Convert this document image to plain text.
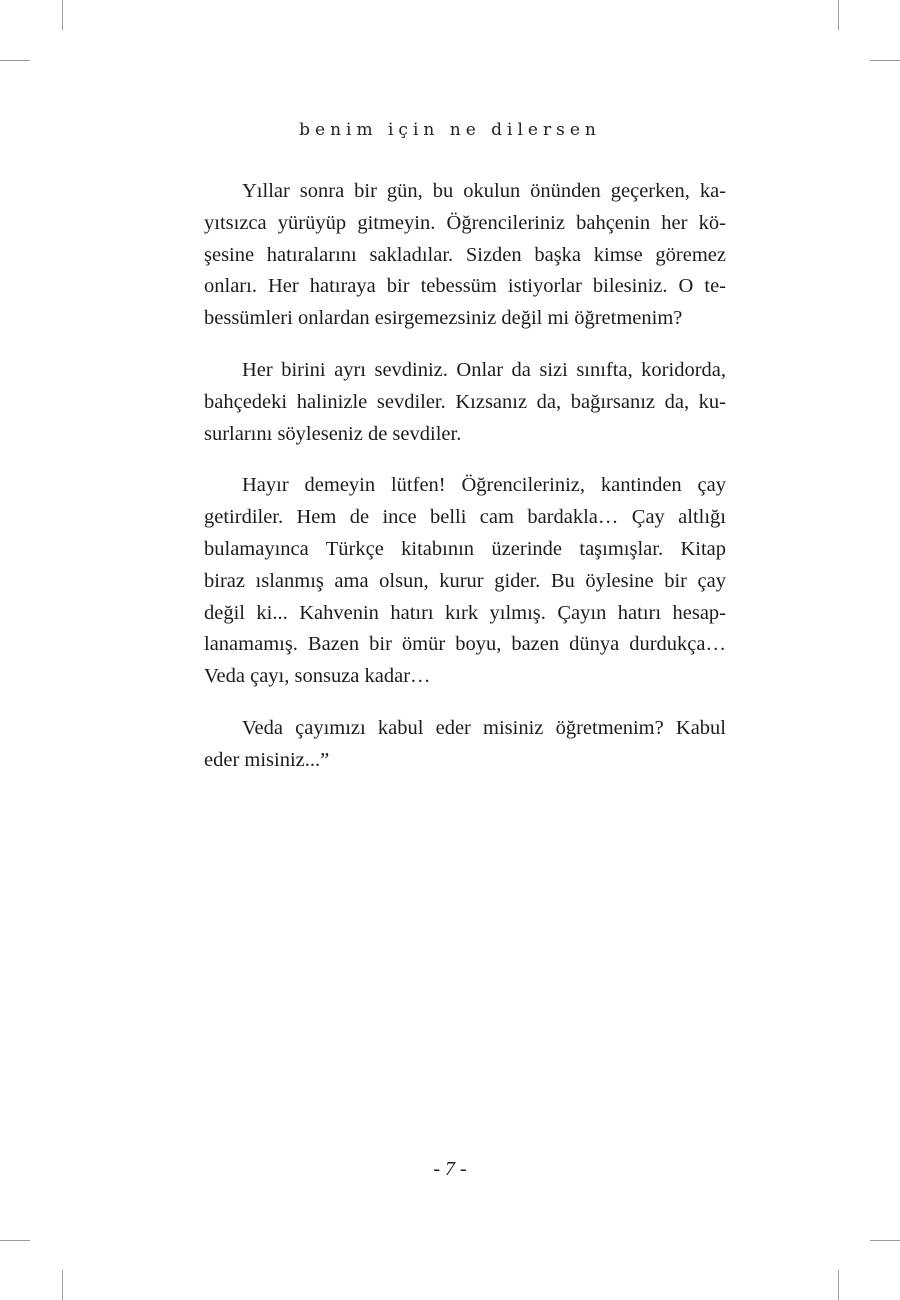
benim için ne dilersen

Yıllar sonra bir gün, bu okulun önünden geçerken, ka-
yıtsızca yürüyüp gitmeyin. Öğrencileriniz bahçenin her kö-
şesine hatıralarını sakladılar. Sizden başka kimse göremez
onları. Her hatıraya bir tebessüm istiyorlar bilesiniz. O te-
bessümleri onlardan esirgemezsiniz değil mi öğretmenim?

Her birini ayrı sevdiniz. Onlar da sizi sınıfta, koridorda,
bahçedeki halinizle sevdiler. Kızsanız da, bağırsanız da, ku-
surlarını söyleseniz de sevdiler.

Hayır demeyin lütfen! Öğrencileriniz, kantinden çay
getirdiler. Hem de ince belli cam bardakla… Çay altlığı
bulamayınca Türkçe kitabının üzerinde taşımışlar. Kitap
biraz ıslanmış ama olsun, kurur gider. Bu öylesine bir çay
değil ki... Kahvenin hatırı kırk yılmış. Çayın hatırı hesap-
lanamamış. Bazen bir ömür boyu, bazen dünya durdukça…
Veda çayı, sonsuza kadar…

Veda çayımızı kabul eder misiniz öğretmenim? Kabul
eder misiniz...”

- 7 -
